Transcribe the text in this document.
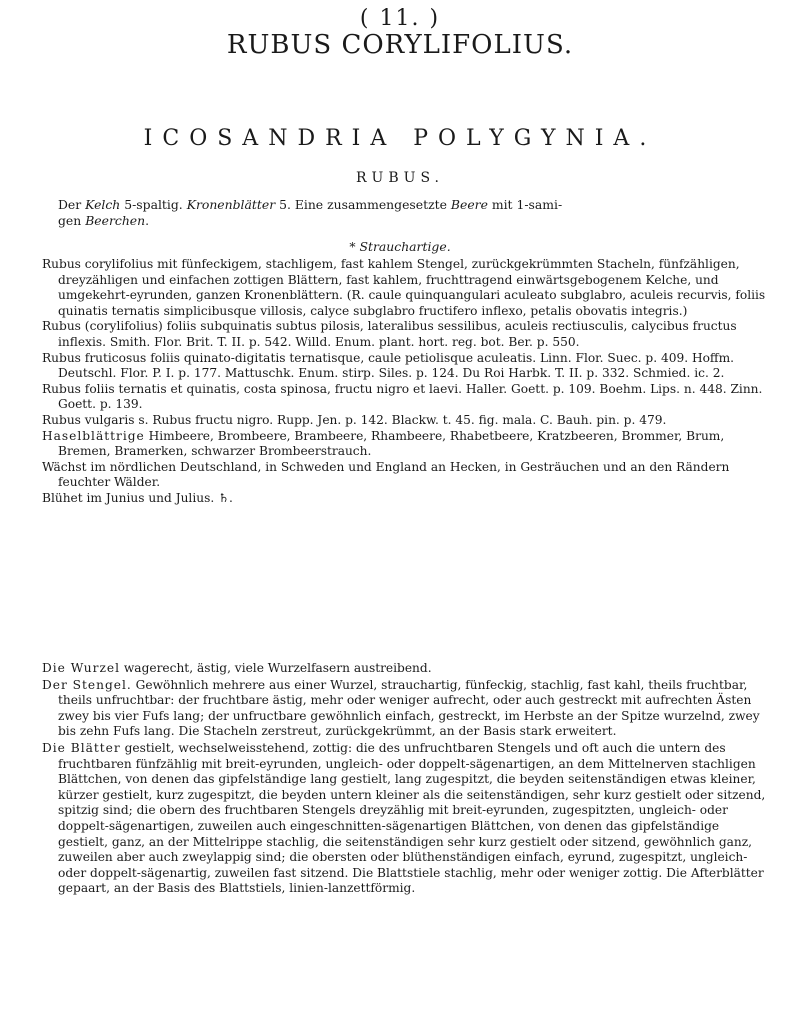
( 11. )
RUBUS CORYLIFOLIUS.
ICOSANDRIA POLYGYNIA.
RUBUS.
Der Kelch 5-spaltig. Kronenblätter 5. Eine zusammengesetzte Beere mit 1-sami-
gen Beerchen.
* Strauchartige.

Rubus corylifolius mit fünfeckigem, stachligem, fast kahlem Stengel, zurückgekrümmten Stacheln, fünfzähligen, dreyzähligen und einfachen zottigen Blättern, fast kahlem, fruchttragend einwärtsgebogenem Kelche, und umgekehrt-eyrunden, ganzen Kronenblättern. (R. caule quinquangulari aculeato subglabro, aculeis recurvis, foliis quinatis ternatis simplicibusque villosis, calyce subglabro fructifero inflexo, petalis obovatis integris.)

Rubus (corylifolius) foliis subquinatis subtus pilosis, lateralibus sessilibus, aculeis rectiusculis, calycibus fructus inflexis. Smith. Flor. Brit. T. II. p. 542. Willd. Enum. plant. hort. reg. bot. Ber. p. 550.

Rubus fruticosus foliis quinato-digitatis ternatisque, caule petiolisque aculeatis. Linn. Flor. Suec. p. 409. Hoffm. Deutschl. Flor. P. I. p. 177. Mattuschk. Enum. stirp. Siles. p. 124. Du Roi Harbk. T. II. p. 332. Schmied. ic. 2.

Rubus foliis ternatis et quinatis, costa spinosa, fructu nigro et laevi. Haller. Goett. p. 109. Boehm. Lips. n. 448. Zinn. Goett. p. 139.

Rubus vulgaris s. Rubus fructu nigro. Rupp. Jen. p. 142. Blackw. t. 45. fig. mala. C. Bauh. pin. p. 479.

Haselblättrige Himbeere, Brombeere, Brambeere, Rhambeere, Rhabetbeere, Kratzbeeren, Brommer, Brum, Bremen, Bramerken, schwarzer Brombeerstrauch.

Wächst im nördlichen Deutschland, in Schweden und England an Hecken, in Gesträuchen und an den Rändern feuchter Wälder.

Blühet im Junius und Julius. ♄.

Die Wurzel wagerecht, ästig, viele Wurzelfasern austreibend.

Der Stengel. Gewöhnlich mehrere aus einer Wurzel, strauchartig, fünfeckig, stachlig, fast kahl, theils fruchtbar, theils unfruchtbar: der fruchtbare ästig, mehr oder weniger aufrecht, oder auch gestreckt mit aufrechten Ästen zwey bis vier Fufs lang; der unfructbare gewöhnlich einfach, gestreckt, im Herbste an der Spitze wurzelnd, zwey bis zehn Fufs lang. Die Stacheln zerstreut, zurückgekrümmt, an der Basis stark erweitert.

Die Blätter gestielt, wechselweisstehend, zottig: die des unfruchtbaren Stengels und oft auch die untern des fruchtbaren fünfzählig mit breit-eyrunden, ungleich- oder doppelt-sägenartigen, an dem Mittelnerven stachligen Blättchen, von denen das gipfelständige lang gestielt, lang zugespitzt, die beyden seitenständigen etwas kleiner, kürzer gestielt, kurz zugespitzt, die beyden untern kleiner als die seitenständigen, sehr kurz gestielt oder sitzend, spitzig sind; die obern des fruchtbaren Stengels dreyzählig mit breit-eyrunden, zugespitzten, ungleich- oder doppelt-sägenartigen, zuweilen auch eingeschnitten-sägenartigen Blättchen, von denen das gipfelständige gestielt, ganz, an der Mittelrippe stachlig, die seitenständigen sehr kurz gestielt oder sitzend, gewöhnlich ganz, zuweilen aber auch zweylappig sind; die obersten oder blüthenständigen einfach, eyrund, zugespitzt, ungleich- oder doppelt-sägenartig, zuweilen fast sitzend. Die Blattstiele stachlig, mehr oder weniger zottig. Die Afterblätter gepaart, an der Basis des Blattstiels, linien-lanzettförmig.
